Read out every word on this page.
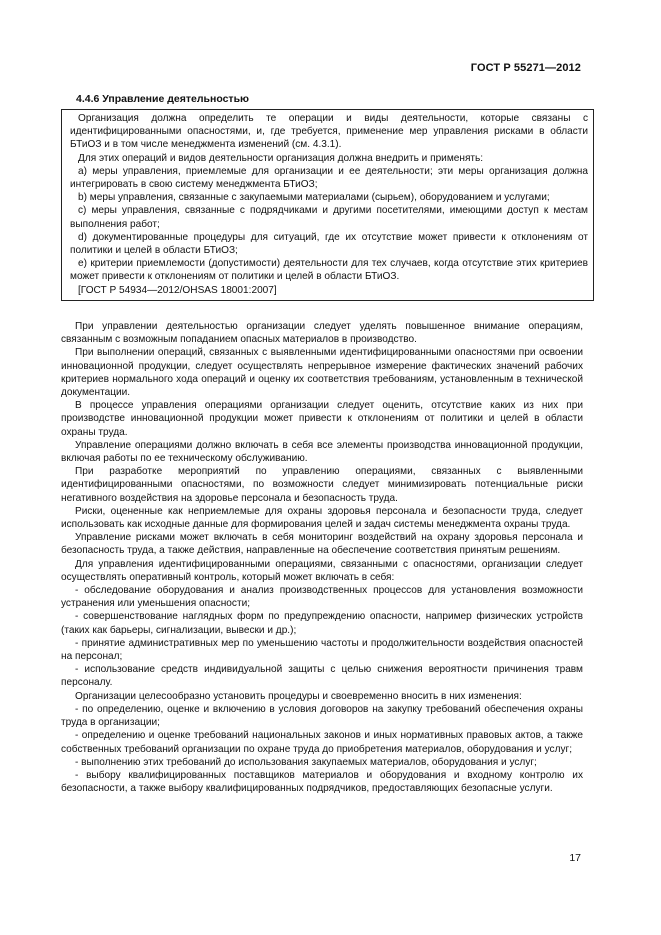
ГОСТ Р 55271—2012
4.4.6 Управление деятельностью

Организация должна определить те операции и виды деятельности, которые связаны с идентифицированными опасностями, и, где требуется, применение мер управления рисками в области БТиОЗ и в том числе менеджмента изменений (см. 4.3.1).

Для этих операций и видов деятельности организация должна внедрить и применять:

а) меры управления, приемлемые для организации и ее деятельности; эти меры организация должна интегрировать в свою систему менеджмента БТиОЗ;

b) меры управления, связанные с закупаемыми материалами (сырьем), оборудованием и услугами;

с) меры управления, связанные с подрядчиками и другими посетителями, имеющими доступ к местам выполнения работ;

d) документированные процедуры для ситуаций, где их отсутствие может привести к отклонениям от политики и целей в области БТиОЗ;

е) критерии приемлемости (допустимости) деятельности для тех случаев, когда отсутствие этих критериев может привести к отклонениям от политики и целей в области БТиОЗ.

[ГОСТ Р 54934—2012/OHSAS 18001:2007]

При управлении деятельностью организации следует уделять повышенное внимание операциям, связанным с возможным попаданием опасных материалов в производство.

При выполнении операций, связанных с выявленными идентифицированными опасностями при освоении инновационной продукции, следует осуществлять непрерывное измерение фактических значений рабочих критериев нормального хода операций и оценку их соответствия требованиям, установленным в технической документации.

В процессе управления операциями организации следует оценить, отсутствие каких из них при производстве инновационной продукции может привести к отклонениям от политики и целей в области охраны труда.

Управление операциями должно включать в себя все элементы производства инновационной продукции, включая работы по ее техническому обслуживанию.

При разработке мероприятий по управлению операциями, связанных с выявленными идентифицированными опасностями, по возможности следует минимизировать потенциальные риски негативного воздействия на здоровье персонала и безопасность труда.

Риски, оцененные как неприемлемые для охраны здоровья персонала и безопасности труда, следует использовать как исходные данные для формирования целей и задач системы менеджмента охраны труда.

Управление рисками может включать в себя мониторинг воздействий на охрану здоровья персонала и безопасность труда, а также действия, направленные на обеспечение соответствия принятым решениям.

Для управления идентифицированными операциями, связанными с опасностями, организации следует осуществлять оперативный контроль, который может включать в себя:

- обследование оборудования и анализ производственных процессов для установления возможности устранения или уменьшения опасности;

- совершенствование наглядных форм по предупреждению опасности, например физических устройств (таких как барьеры, сигнализации, вывески и др.);

- принятие административных мер по уменьшению частоты и продолжительности воздействия опасностей на персонал;

- использование средств индивидуальной защиты с целью снижения вероятности причинения травм персоналу.

Организации целесообразно установить процедуры и своевременно вносить в них изменения:

- по определению, оценке и включению в условия договоров на закупку требований обеспечения охраны труда в организации;

- определению и оценке требований национальных законов и иных нормативных правовых актов, а также собственных требований организации по охране труда до приобретения материалов, оборудования и услуг;

- выполнению этих требований до использования закупаемых материалов, оборудования и услуг;

- выбору квалифицированных поставщиков материалов и оборудования и входному контролю их безопасности, а также выбору квалифицированных подрядчиков, предоставляющих безопасные услуги.

17
